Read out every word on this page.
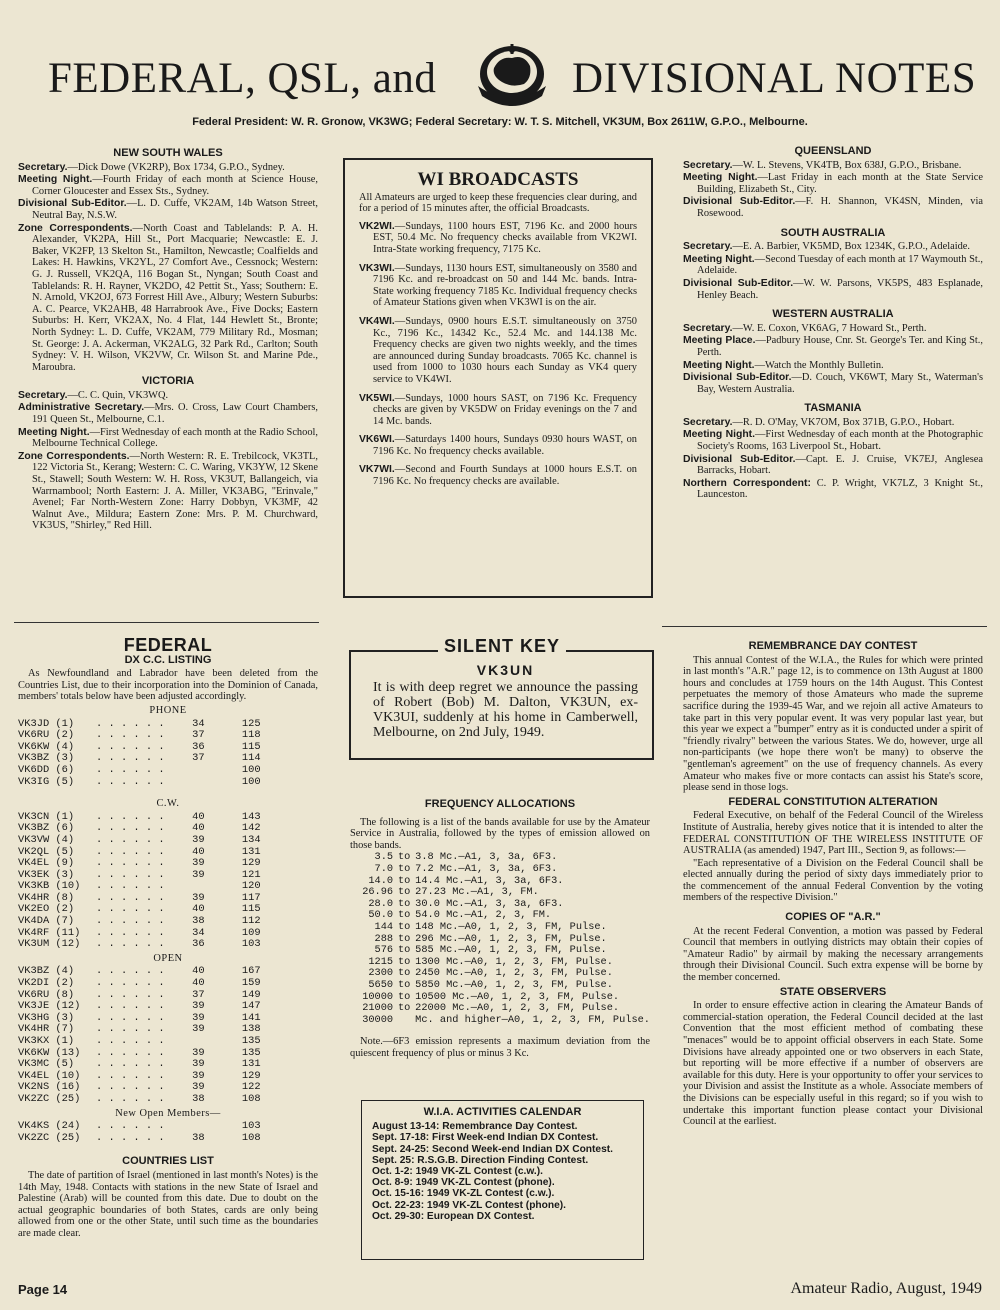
FEDERAL, QSL, and	DIVISIONAL NOTES
Federal President: W. R. Gronow, VK3WG; Federal Secretary: W. T. S. Mitchell, VK3UM, Box 2611W, G.P.O., Melbourne.
NEW SOUTH WALES

Secretary.—Dick Dowe (VK2RP), Box 1734, G.P.O., Sydney.

Meeting Night.—Fourth Friday of each month at Science House, Corner Gloucester and Essex Sts., Sydney.

Divisional Sub-Editor.—L. D. Cuffe, VK2AM, 14b Watson Street, Neutral Bay, N.S.W.

Zone Correspondents.—North Coast and Tablelands: P. A. H. Alexander, VK2PA, Hill St., Port Macquarie; Newcastle: E. J. Baker, VK2FP, 13 Skelton St., Hamilton, Newcastle; Coalfields and Lakes: H. Hawkins, VK2YL, 27 Comfort Ave., Cessnock; Western: G. J. Russell, VK2QA, 116 Bogan St., Nyngan; South Coast and Tablelands: R. H. Rayner, VK2DO, 42 Pettit St., Yass; Southern: E. N. Arnold, VK2OJ, 673 Forrest Hill Ave., Albury; Western Suburbs: A. C. Pearce, VK2AHB, 48 Harrabrook Ave., Five Docks; Eastern Suburbs: H. Kerr, VK2AX, No. 4 Flat, 144 Hewlett St., Bronte; North Sydney: L. D. Cuffe, VK2AM, 779 Military Rd., Mosman; St. George: J. A. Ackerman, VK2ALG, 32 Park Rd., Carlton; South Sydney: V. H. Wilson, VK2VW, Cr. Wilson St. and Marine Pde., Maroubra.

VICTORIA

Secretary.—C. C. Quin, VK3WQ.

Administrative Secretary.—Mrs. O. Cross, Law Court Chambers, 191 Queen St., Melbourne, C.1.

Meeting Night.—First Wednesday of each month at the Radio School, Melbourne Technical College.

Zone Correspondents.—North Western: R. E. Trebilcock, VK3TL, 122 Victoria St., Kerang; Western: C. C. Waring, VK3YW, 12 Skene St., Stawell; South Western: W. H. Ross, VK3UT, Ballangeich, via Warrnambool; North Eastern: J. A. Miller, VK3ABG, "Erinvale," Avenel; Far North-Western Zone: Harry Dobbyn, VK3MF, 42 Walnut Ave., Mildura; Eastern Zone: Mrs. P. M. Churchward, VK3US, "Shirley," Red Hill.

WI BROADCASTS
All Amateurs are urged to keep these frequencies clear during, and for a period of 15 minutes after, the official Broadcasts.

VK2WI.—Sundays, 1100 hours EST, 7196 Kc. and 2000 hours EST, 50.4 Mc. No frequency checks available from VK2WI. Intra-State working frequency, 7175 Kc.

VK3WI.—Sundays, 1130 hours EST, simultaneously on 3580 and 7196 Kc. and re-broadcast on 50 and 144 Mc. bands. Intra-State working frequency 7185 Kc. Individual frequency checks of Amateur Stations given when VK3WI is on the air.

VK4WI.—Sundays, 0900 hours E.S.T. simultaneously on 3750 Kc., 7196 Kc., 14342 Kc., 52.4 Mc. and 144.138 Mc. Frequency checks are given two nights weekly, and the times are announced during Sunday broadcasts. 7065 Kc. channel is used from 1000 to 1030 hours each Sunday as VK4 query service to VK4WI.

VK5WI.—Sundays, 1000 hours SAST, on 7196 Kc. Frequency checks are given by VK5DW on Friday evenings on the 7 and 14 Mc. bands.

VK6WI.—Saturdays 1400 hours, Sundays 0930 hours WAST, on 7196 Kc. No frequency checks available.

VK7WI.—Second and Fourth Sundays at 1000 hours E.S.T. on 7196 Kc. No frequency checks are available.

QUEENSLAND

Secretary.—W. L. Stevens, VK4TB, Box 638J, G.P.O., Brisbane.

Meeting Night.—Last Friday in each month at the State Service Building, Elizabeth St., City.

Divisional Sub-Editor.—F. H. Shannon, VK4SN, Minden, via Rosewood.

SOUTH AUSTRALIA

Secretary.—E. A. Barbier, VK5MD, Box 1234K, G.P.O., Adelaide.

Meeting Night.—Second Tuesday of each month at 17 Waymouth St., Adelaide.

Divisional Sub-Editor.—W. W. Parsons, VK5PS, 483 Esplanade, Henley Beach.

WESTERN AUSTRALIA

Secretary.—W. E. Coxon, VK6AG, 7 Howard St., Perth.

Meeting Place.—Padbury House, Cnr. St. George's Ter. and King St., Perth.

Meeting Night.—Watch the Monthly Bulletin.

Divisional Sub-Editor.—D. Couch, VK6WT, Mary St., Waterman's Bay, Western Australia.

TASMANIA

Secretary.—R. D. O'May, VK7OM, Box 371B, G.P.O., Hobart.

Meeting Night.—First Wednesday of each month at the Photographic Society's Rooms, 163 Liverpool St., Hobart.

Divisional Sub-Editor.—Capt. E. J. Cruise, VK7EJ, Anglesea Barracks, Hobart.

Northern Correspondent: C. P. Wright, VK7LZ, 3 Knight St., Launceston.

FEDERAL
DX C.C. LISTING

As Newfoundland and Labrador have been deleted from the Countries List, due to their incorporation into the Dominion of Canada, members' totals below have been adjusted accordingly.

PHONE
VK3JD (1)	. . . . . .	34	125
VK6RU (2)	. . . . . .	37	118
VK6KW (4)	. . . . . .	36	115
VK3BZ (3)	. . . . . .	37	114
VK6DD (6)	. . . . . .		100
VK3IG (5)	. . . . . .		100
C.W.
VK3CN (1)	. . . . . .	40	143
VK3BZ (6)	. . . . . .	40	142
VK3VW (4)	. . . . . .	39	134
VK2QL (5)	. . . . . .	40	131
VK4EL (9)	. . . . . .	39	129
VK3EK (3)	. . . . . .	39	121
VK3KB (10)	. . . . . .		120
VK4HR (8)	. . . . . .	39	117
VK2EO (2)	. . . . . .	40	115
VK4DA (7)	. . . . . .	38	112
VK4RF (11)	. . . . . .	34	109
VK3UM (12)	. . . . . .	36	103
OPEN
VK3BZ (4)	. . . . . .	40	167
VK2DI (2)	. . . . . .	40	159
VK6RU (8)	. . . . . .	37	149
VK3JE (12)	. . . . . .	39	147
VK3HG (3)	. . . . . .	39	141
VK4HR (7)	. . . . . .	39	138
VK3KX (1)	. . . . . .		135
VK6KW (13)	. . . . . .	39	135
VK3MC (5)	. . . . . .	39	131
VK4EL (10)	. . . . . .	39	129
VK2NS (16)	. . . . . .	39	122
VK2ZC (25)	. . . . . .	38	108
New Open Members—
VK4KS (24)	. . . . . .		103
VK2ZC (25)	. . . . . .	38	108
COUNTRIES LIST

The date of partition of Israel (mentioned in last month's Notes) is the 14th May, 1948. Contacts with stations in the new State of Israel and Palestine (Arab) will be counted from this date. Due to doubt on the actual geographic boundaries of both States, cards are only being allowed from one or the other State, until such time as the boundaries are made clear.

VK3UN
It is with deep regret we announce the passing of Robert (Bob) M. Dalton, VK3UN, ex-VK3UI, suddenly at his home in Camberwell, Melbourne, on 2nd July, 1949.
SILENT KEY
FREQUENCY ALLOCATIONS

The following is a list of the bands available for use by the Amateur Service in Australia, followed by the types of emission allowed on those bands.

3.5	to	3.8 Mc.—A1, 3, 3a, 6F3.
7.0	to	7.2 Mc.—A1, 3, 3a, 6F3.
14.0	to	14.4 Mc.—A1, 3, 3a, 6F3.
26.96	to	27.23 Mc.—A1, 3, FM.
28.0	to	30.0 Mc.—A1, 3, 3a, 6F3.
50.0	to	54.0 Mc.—A1, 2, 3, FM.
144	to	148 Mc.—A0, 1, 2, 3, FM, Pulse.
288	to	296 Mc.—A0, 1, 2, 3, FM, Pulse.
576	to	585 Mc.—A0, 1, 2, 3, FM, Pulse.
1215	to	1300 Mc.—A0, 1, 2, 3, FM, Pulse.
2300	to	2450 Mc.—A0, 1, 2, 3, FM, Pulse.
5650	to	5850 Mc.—A0, 1, 2, 3, FM, Pulse.
10000	to	10500 Mc.—A0, 1, 2, 3, FM, Pulse.
21000	to	22000 Mc.—A0, 1, 2, 3, FM, Pulse.
30000		Mc. and higher—A0, 1, 2, 3, FM, Pulse.

Note.—6F3 emission represents a maximum deviation from the quiescent frequency of plus or minus 3 Kc.

W.I.A. ACTIVITIES CALENDAR

August 13-14: Remembrance Day Contest.

Sept. 17-18: First Week-end Indian DX Contest.

Sept. 24-25: Second Week-end Indian DX Contest.

Sept. 25: R.S.G.B. Direction Finding Contest.

Oct. 1-2: 1949 VK-ZL Contest (c.w.).

Oct. 8-9: 1949 VK-ZL Contest (phone).

Oct. 15-16: 1949 VK-ZL Contest (c.w.).

Oct. 22-23: 1949 VK-ZL Contest (phone).

Oct. 29-30: European DX Contest.

REMEMBRANCE DAY CONTEST

This annual Contest of the W.I.A., the Rules for which were printed in last month's "A.R." page 12, is to commence on 13th August at 1800 hours and concludes at 1759 hours on the 14th August. This Contest perpetuates the memory of those Amateurs who made the supreme sacrifice during the 1939-45 War, and we rejoin all active Amateurs to take part in this very popular event. It was very popular last year, but this year we expect a "bumper" entry as it is conducted under a spirit of "friendly rivalry" between the various States. We do, however, urge all non-participants (we hope there won't be many) to observe the "gentleman's agreement" on the use of frequency channels. As every Amateur who makes five or more contacts can assist his State's score, please send in those logs.

FEDERAL CONSTITUTION ALTERATION

Federal Executive, on behalf of the Federal Council of the Wireless Institute of Australia, hereby gives notice that it is intended to alter the FEDERAL CONSTITUTION OF THE WIRELESS INSTITUTE OF AUSTRALIA (as amended) 1947, Part III., Section 9, as follows:—

"Each representative of a Division on the Federal Council shall be elected annually during the period of sixty days immediately prior to the commencement of the annual Federal Convention by the voting members of the respective Division."

COPIES OF "A.R."

At the recent Federal Convention, a motion was passed by Federal Council that members in outlying districts may obtain their copies of "Amateur Radio" by airmail by making the necessary arrangements through their Divisional Council. Such extra expense will be borne by the member concerned.

STATE OBSERVERS

In order to ensure effective action in clearing the Amateur Bands of commercial-station operation, the Federal Council decided at the last Convention that the most efficient method of combating these "menaces" would be to appoint official observers in each State. Some Divisions have already appointed one or two observers in each State, but reporting will be more effective if a number of observers are available for this duty. Here is your opportunity to offer your services to your Division and assist the Institute as a whole. Associate members of the Divisions can be especially useful in this regard; so if you wish to undertake this important function please contact your Divisional Council at the earliest.

Page 14	Amateur Radio, August, 1949
